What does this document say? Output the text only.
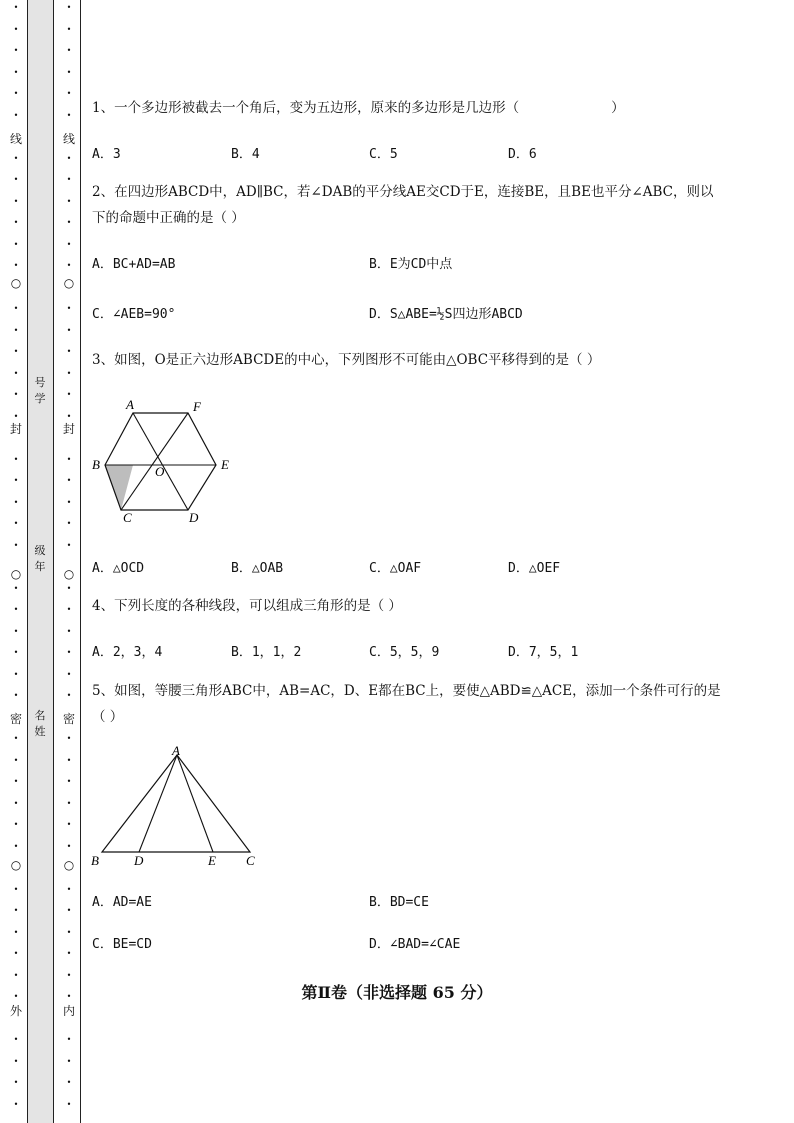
•
•
•
•
•
•
•
•
•
•
•
•
•
•
•
•
•
•
•
•
•
•
•
•
•
•
•
•
•
•
•
•
•
•
•
•
•
•
•
•
•
•
•
•
•
线
○
封
○
密
○
外
•
•
•
•
•
•
•
•
•
•
•
•
•
•
•
•
•
•
•
•
•
•
•
•
•
•
•
•
•
•
•
•
•
•
•
•
•
•
•
•
•
•
•
•
•
线
○
封
○
密
○
内
号学
级年
名姓
1、一个多边形被截去一个角后，变为五边形，原来的多边形是几边形（	）
A．3	B．4	C．5	D．6
2、在四边形ABCD中，AD∥BC，若∠DAB的平分线AE交CD于E，连接BE，且BE也平分∠ABC，则以
下的命题中正确的是（ ）
A．BC+AD=AB	B．E为CD中点
C．∠AEB=90°	D．S△ABE=½S四边形ABCD
3、如图，O是正六边形ABCDE的中心，下列图形不可能由△OBC平移得到的是（ ）
A	F
B	O	E
C	D
A．△OCD	B．△OAB	C．△OAF	D．△OEF
4、下列长度的各种线段，可以组成三角形的是（ ）
A．2，3，4	B．1，1，2	C．5，5，9	D．7，5，1
5、如图，等腰三角形ABC中，AB=AC，D、E都在BC上，要使△ABD≌△ACE，添加一个条件可行的是
（ ）
A
B	D	E C
A．AD=AE	B．BD=CE
C．BE=CD	D．∠BAD=∠CAE
第Ⅱ卷（非选择题 65 分）
